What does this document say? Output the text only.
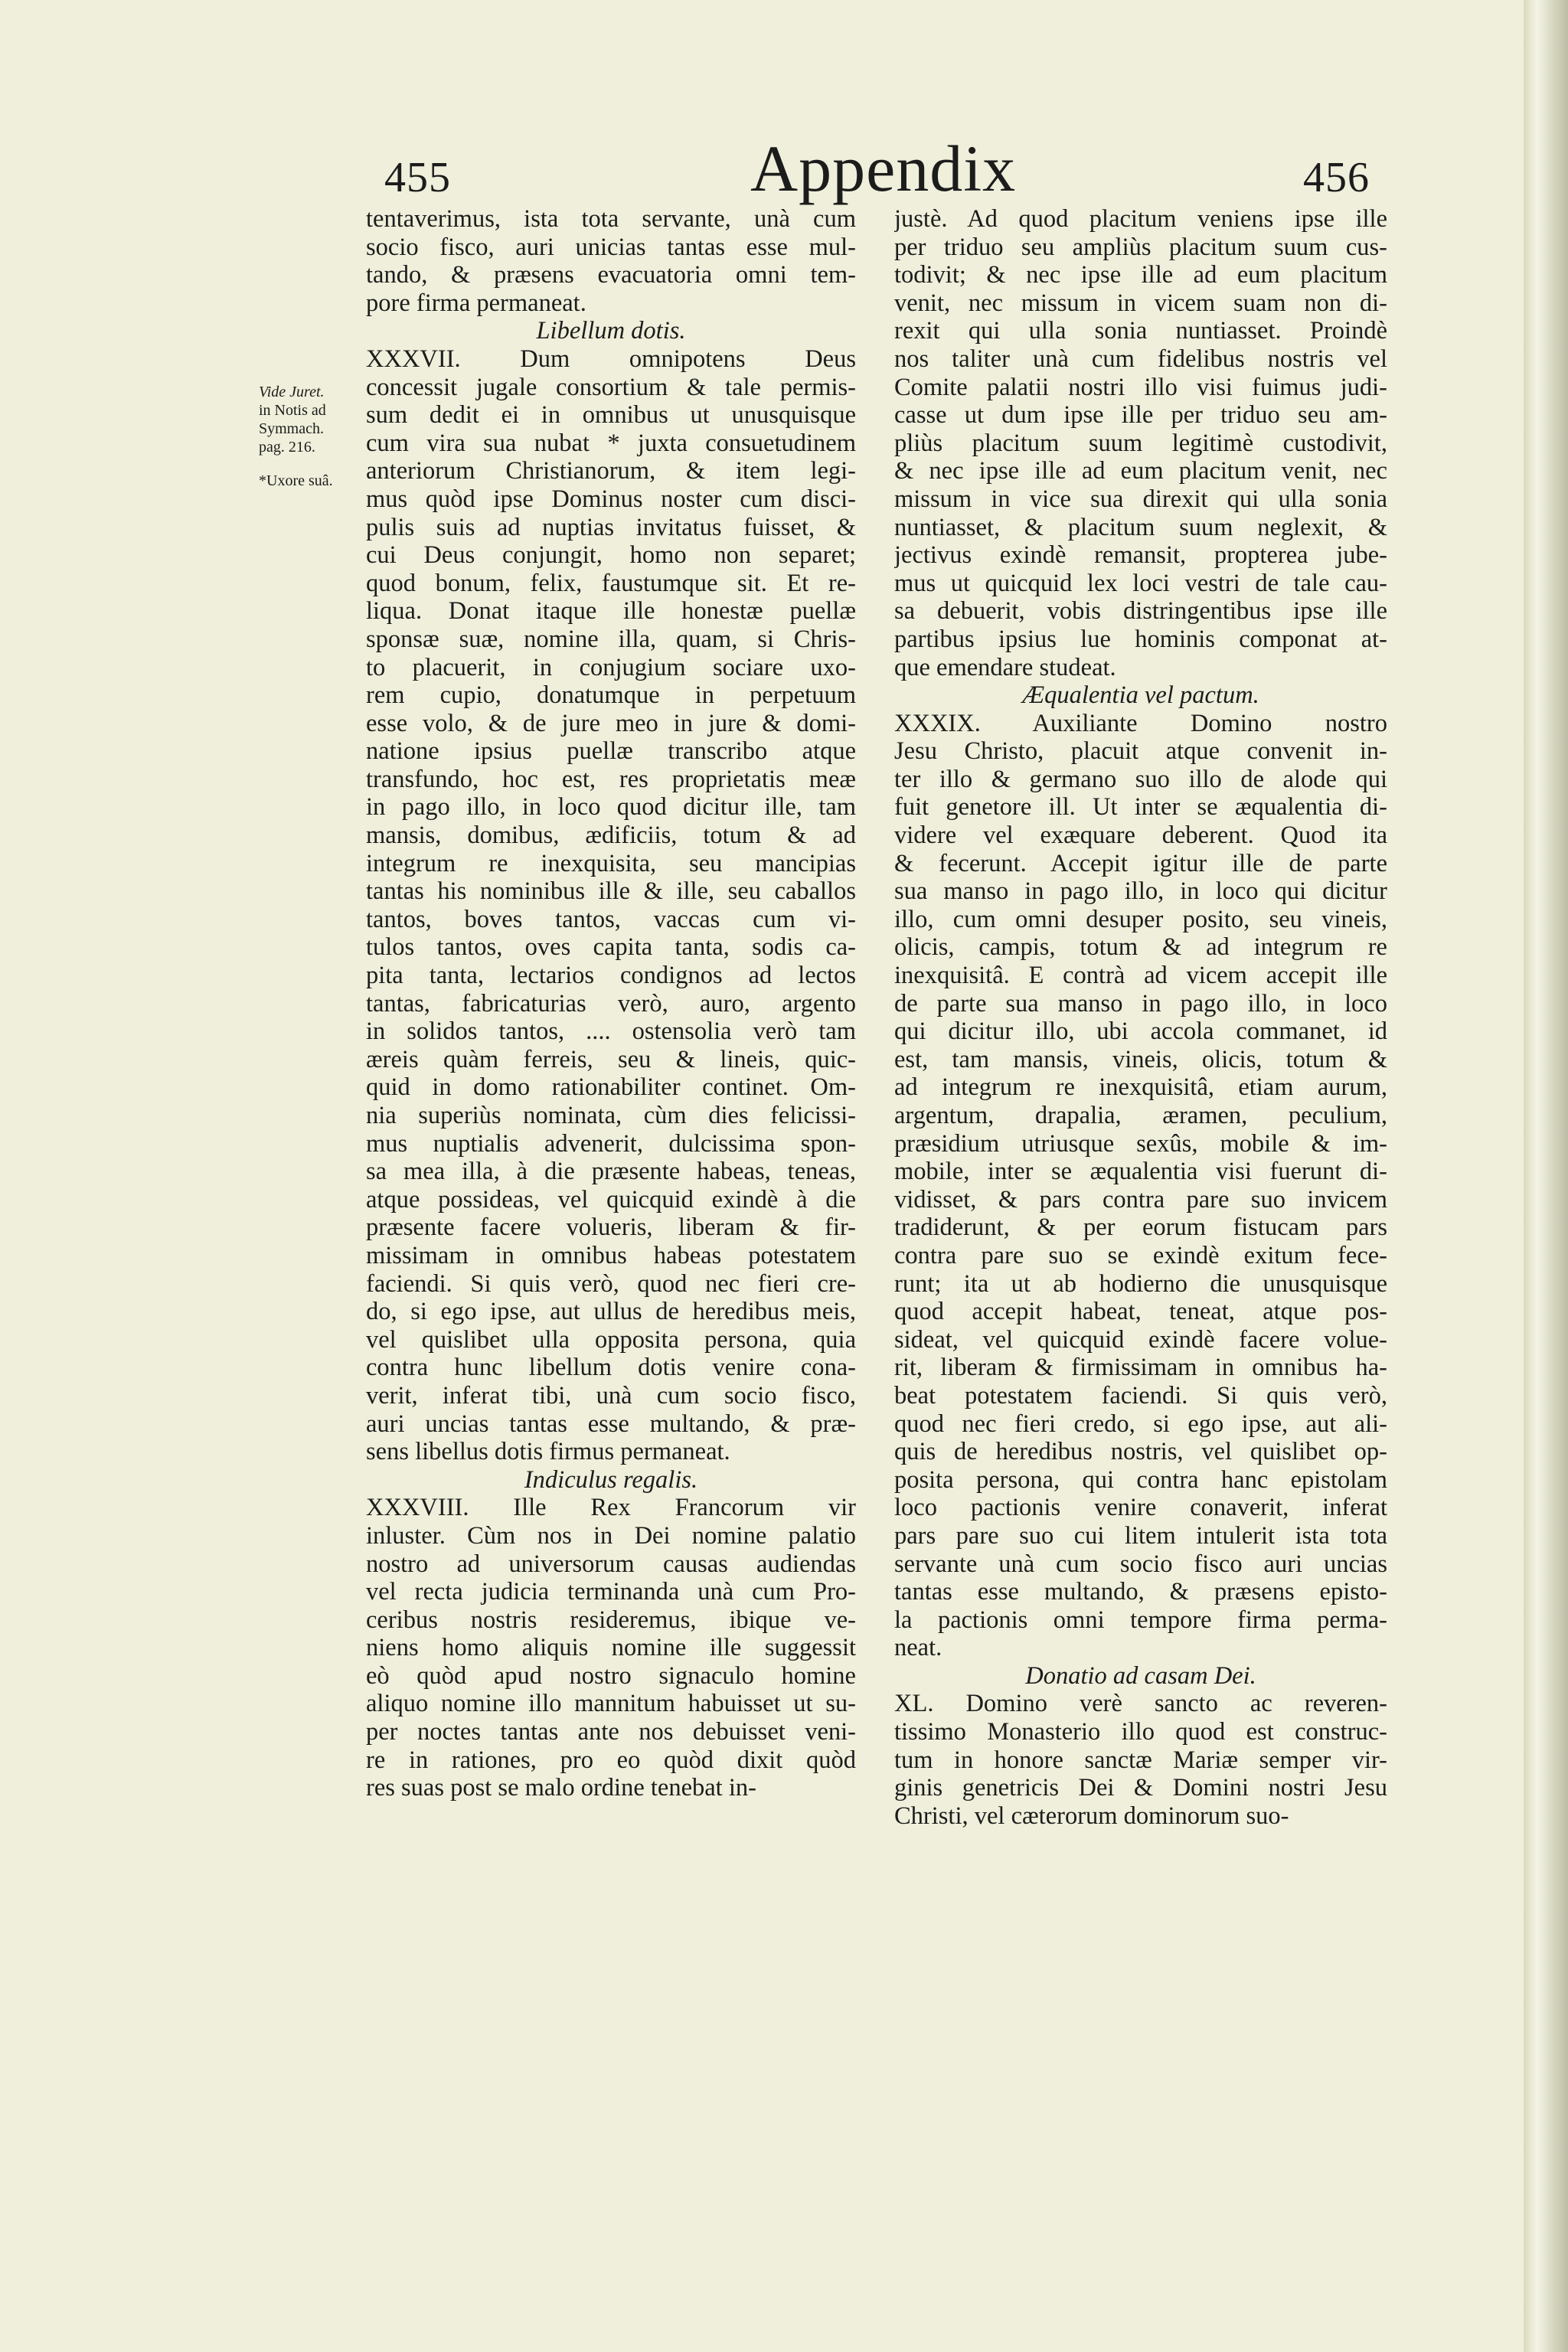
455	Appendix	456
Vide Juret.
in Notis ad
Symmach.
pag. 216.
*Uxore suâ.
tentaverimus, ista tota servante, unà cum
socio fisco, auri unicias tantas esse mul-
tando, & præsens evacuatoria omni tem-
pore firma permaneat.
Libellum dotis.
XXXVII. Dum omnipotens Deus
concessit jugale consortium & tale permis-
sum dedit ei in omnibus ut unusquisque
cum vira sua nubat * juxta consuetudinem
anteriorum Christianorum, & item legi-
mus quòd ipse Dominus noster cum disci-
pulis suis ad nuptias invitatus fuisset, &
cui Deus conjungit, homo non separet;
quod bonum, felix, faustumque sit. Et re-
liqua. Donat itaque ille honestæ puellæ
sponsæ suæ, nomine illa, quam, si Chris-
to placuerit, in conjugium sociare uxo-
rem cupio, donatumque in perpetuum
esse volo, & de jure meo in jure & domi-
natione ipsius puellæ transcribo atque
transfundo, hoc est, res proprietatis meæ
in pago illo, in loco quod dicitur ille, tam
mansis, domibus, ædificiis, totum & ad
integrum re inexquisita, seu mancipias
tantas his nominibus ille & ille, seu caballos
tantos, boves tantos, vaccas cum vi-
tulos tantos, oves capita tanta, sodis ca-
pita tanta, lectarios condignos ad lectos
tantas, fabricaturias verò, auro, argento
in solidos tantos, .... ostensolia verò tam
æreis quàm ferreis, seu & lineis, quic-
quid in domo rationabiliter continet. Om-
nia superiùs nominata, cùm dies felicissi-
mus nuptialis advenerit, dulcissima spon-
sa mea illa, à die præsente habeas, teneas,
atque possideas, vel quicquid exindè à die
præsente facere volueris, liberam & fir-
missimam in omnibus habeas potestatem
faciendi. Si quis verò, quod nec fieri cre-
do, si ego ipse, aut ullus de heredibus meis,
vel quislibet ulla opposita persona, quia
contra hunc libellum dotis venire cona-
verit, inferat tibi, unà cum socio fisco,
auri uncias tantas esse multando, & præ-
sens libellus dotis firmus permaneat.
Indiculus regalis.
XXXVIII. Ille Rex Francorum vir
inluster. Cùm nos in Dei nomine palatio
nostro ad universorum causas audiendas
vel recta judicia terminanda unà cum Pro-
ceribus nostris resideremus, ibique ve-
niens homo aliquis nomine ille suggessit
eò quòd apud nostro signaculo homine
aliquo nomine illo mannitum habuisset ut su-
per noctes tantas ante nos debuisset veni-
re in rationes, pro eo quòd dixit quòd
res suas post se malo ordine tenebat in-
justè. Ad quod placitum veniens ipse ille
per triduo seu ampliùs placitum suum cus-
todivit; & nec ipse ille ad eum placitum
venit, nec missum in vicem suam non di-
rexit qui ulla sonia nuntiasset. Proindè
nos taliter unà cum fidelibus nostris vel
Comite palatii nostri illo visi fuimus judi-
casse ut dum ipse ille per triduo seu am-
pliùs placitum suum legitimè custodivit,
& nec ipse ille ad eum placitum venit, nec
missum in vice sua direxit qui ulla sonia
nuntiasset, & placitum suum neglexit, &
jectivus exindè remansit, propterea jube-
mus ut quicquid lex loci vestri de tale cau-
sa debuerit, vobis distringentibus ipse ille
partibus ipsius lue hominis componat at-
que emendare studeat.
Æqualentia vel pactum.
XXXIX. Auxiliante Domino nostro
Jesu Christo, placuit atque convenit in-
ter illo & germano suo illo de alode qui
fuit genetore ill. Ut inter se æqualentia di-
videre vel exæquare deberent. Quod ita
& fecerunt. Accepit igitur ille de parte
sua manso in pago illo, in loco qui dicitur
illo, cum omni desuper posito, seu vineis,
olicis, campis, totum & ad integrum re
inexquisitâ. E contrà ad vicem accepit ille
de parte sua manso in pago illo, in loco
qui dicitur illo, ubi accola commanet, id
est, tam mansis, vineis, olicis, totum &
ad integrum re inexquisitâ, etiam aurum,
argentum, drapalia, æramen, peculium,
præsidium utriusque sexûs, mobile & im-
mobile, inter se æqualentia visi fuerunt di-
vidisset, & pars contra pare suo invicem
tradiderunt, & per eorum fistucam pars
contra pare suo se exindè exitum fece-
runt; ita ut ab hodierno die unusquisque
quod accepit habeat, teneat, atque pos-
sideat, vel quicquid exindè facere volue-
rit, liberam & firmissimam in omnibus ha-
beat potestatem faciendi. Si quis verò,
quod nec fieri credo, si ego ipse, aut ali-
quis de heredibus nostris, vel quislibet op-
posita persona, qui contra hanc epistolam
loco pactionis venire conaverit, inferat
pars pare suo cui litem intulerit ista tota
servante unà cum socio fisco auri uncias
tantas esse multando, & præsens episto-
la pactionis omni tempore firma perma-
neat.
Donatio ad casam Dei.
XL. Domino verè sancto ac reveren-
tissimo Monasterio illo quod est construc-
tum in honore sanctæ Mariæ semper vir-
ginis genetricis Dei & Domini nostri Jesu
Christi, vel cæterorum dominorum suo-
